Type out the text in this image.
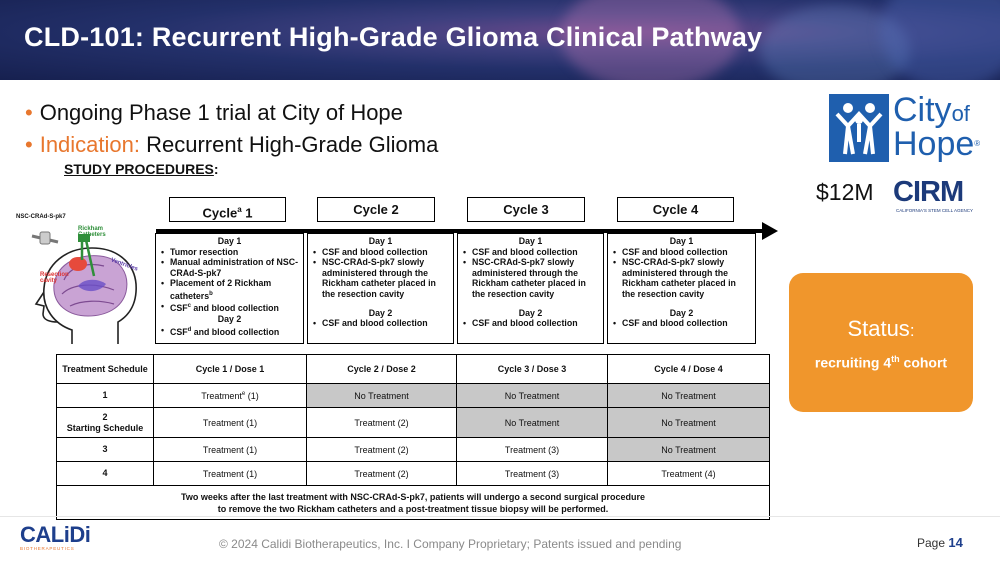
CLD-101: Recurrent High-Grade Glioma Clinical Pathway
• Ongoing Phase 1 trial at City of Hope
• Indication: Recurrent High-Grade Glioma
STUDY PROCEDURES:
NSC-CRAd-S-pk7
Rickham Catheters
Resection cavity
Ventricles
Cycle$^a$ 1	Cycle 2	Cycle 3	Cycle 4
Day 1
• Tumor resection
• Manual administration of NSC-CRAd-S-pk7
• Placement of 2 Rickham catheters$^b$
• CSF$^c$ and blood collection
Day 2
• CSF$^d$ and blood collection
Day 1
• CSF and blood collection
• NSC-CRAd-S-pk7 slowly administered through the Rickham catheter placed in the resection cavity
Day 2
• CSF and blood collection
Day 1
• CSF and blood collection
• NSC-CRAd-S-pk7 slowly administered through the Rickham catheter placed in the resection cavity
Day 2
• CSF and blood collection
Day 1
• CSF and blood collection
• NSC-CRAd-S-pk7 slowly administered through the Rickham catheter placed in the resection cavity
Day 2
• CSF and blood collection
Treatment Schedule	Cycle 1 / Dose 1	Cycle 2 / Dose 2	Cycle 3 / Dose 3	Cycle 4 / Dose 4
1	Treatment$^e$ (1)	No Treatment	No Treatment	No Treatment
2
Starting Schedule	Treatment (1)	Treatment (2)	No Treatment	No Treatment
3	Treatment (1)	Treatment (2)	Treatment (3)	No Treatment
4	Treatment (1)	Treatment (2)	Treatment (3)	Treatment (4)
Two weeks after the last treatment with NSC-CRAd-S-pk7, patients will undergo a second surgical procedure
to remove the two Rickham catheters and a post-treatment tissue biopsy will be performed.				
Cityof
Hope®
$12M CIRM
CALIFORNIA'S STEM CELL AGENCY
Status:
recruiting 4th cohort
CALiDi
BIOTHERAPEUTICS	© 2024 Calidi Biotherapeutics, Inc. I Company Proprietary; Patents issued and pending	Page 14
